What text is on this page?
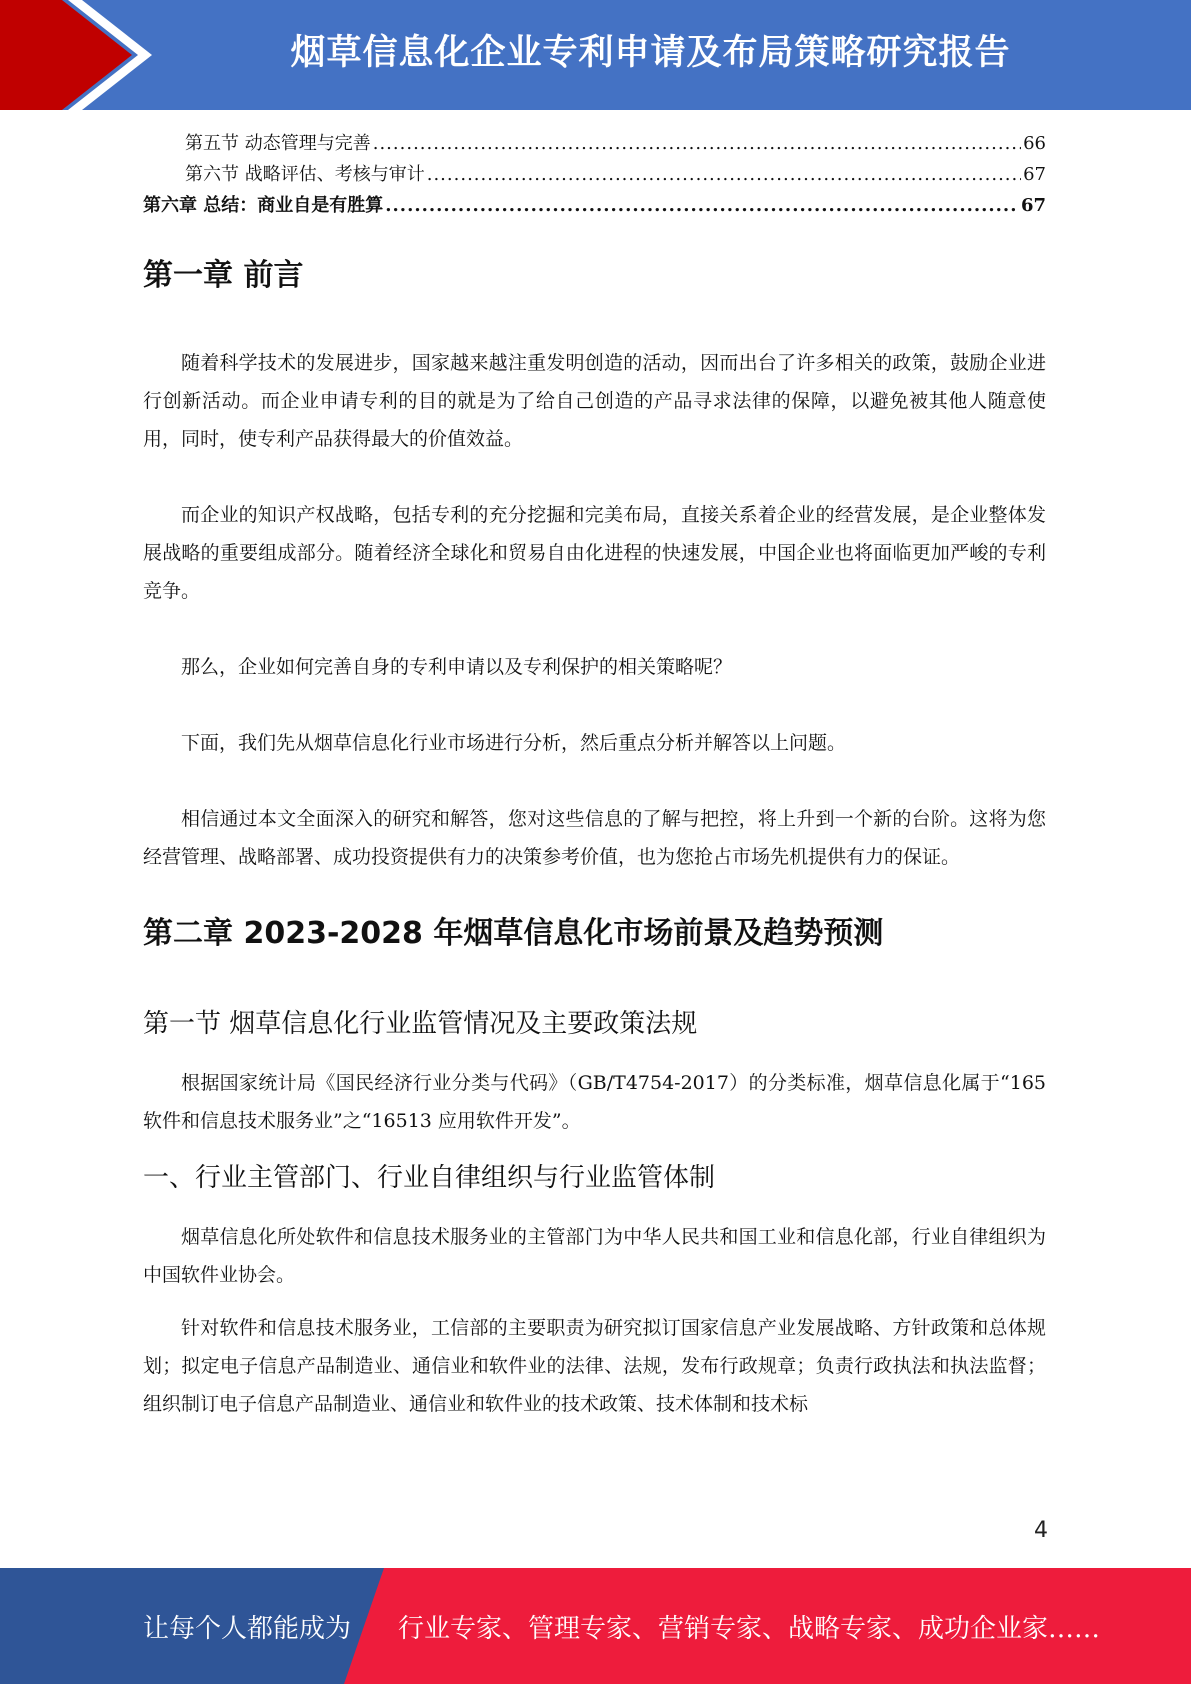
烟草信息化企业专利申请及布局策略研究报告
第五节 动态管理与完善 .....	66
第六节 战略评估、考核与审计 .....	67
第六章 总结：商业自是有胜算 .....	67
第一章 前言

随着科学技术的发展进步，国家越来越注重发明创造的活动，因而出台了许多相关的政策，鼓励企业进行创新活动。而企业申请专利的目的就是为了给自己创造的产品寻求法律的保障，以避免被其他人随意使用，同时，使专利产品获得最大的价值效益。

而企业的知识产权战略，包括专利的充分挖掘和完美布局，直接关系着企业的经营发展，是企业整体发展战略的重要组成部分。随着经济全球化和贸易自由化进程的快速发展，中国企业也将面临更加严峻的专利竞争。

那么，企业如何完善自身的专利申请以及专利保护的相关策略呢？

下面，我们先从烟草信息化行业市场进行分析，然后重点分析并解答以上问题。

相信通过本文全面深入的研究和解答，您对这些信息的了解与把控，将上升到一个新的台阶。这将为您经营管理、战略部署、成功投资提供有力的决策参考价值，也为您抢占市场先机提供有力的保证。

第二章 2023-2028 年烟草信息化市场前景及趋势预测
第一节 烟草信息化行业监管情况及主要政策法规

根据国家统计局《国民经济行业分类与代码》（GB/T4754-2017）的分类标准，烟草信息化属于“165 软件和信息技术服务业”之“16513 应用软件开发”。

一、行业主管部门、行业自律组织与行业监管体制

烟草信息化所处软件和信息技术服务业的主管部门为中华人民共和国工业和信息化部，行业自律组织为中国软件业协会。

针对软件和信息技术服务业，工信部的主要职责为研究拟订国家信息产业发展战略、方针政策和总体规划；拟定电子信息产品制造业、通信业和软件业的法律、法规，发布行政规章；负责行政执法和执法监督；组织制订电子信息产品制造业、通信业和软件业的技术政策、技术体制和技术标

4
让每个人都能成为 行业专家、管理专家、营销专家、战略专家、成功企业家……
